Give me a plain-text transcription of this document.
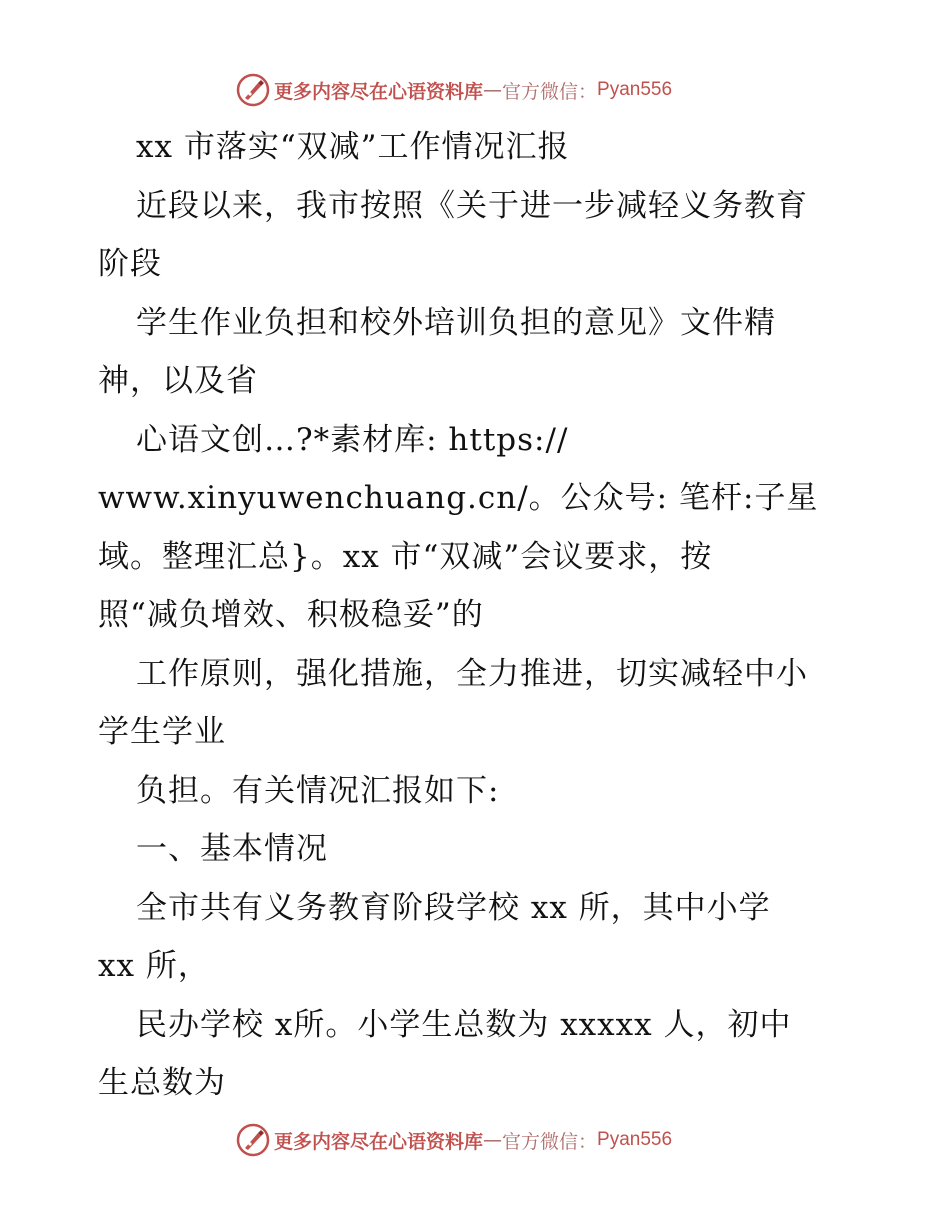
更多内容尽在心语资料库 — 官方微信： Pyan556
xx 市落实“双减”工作情况汇报
近段以来，我市按照《关于进一步减轻义务教育
阶段
学生作业负担和校外培训负担的意见》文件精
神，以及省
心语文创…?*素材库: https://
www.xinyuwenchuang.cn/。公众号: 笔杆:子星
域。整理汇总}。xx 市“双减”会议要求，按
照“减负增效、积极稳妥”的
工作原则，强化措施，全力推进，切实减轻中小
学生学业
负担。有关情况汇报如下:
一、基本情况
全市共有义务教育阶段学校 xx 所，其中小学
xx 所，
民办学校 x所。小学生总数为 xxxxx 人，初中
生总数为
更多内容尽在心语资料库 — 官方微信： Pyan556
